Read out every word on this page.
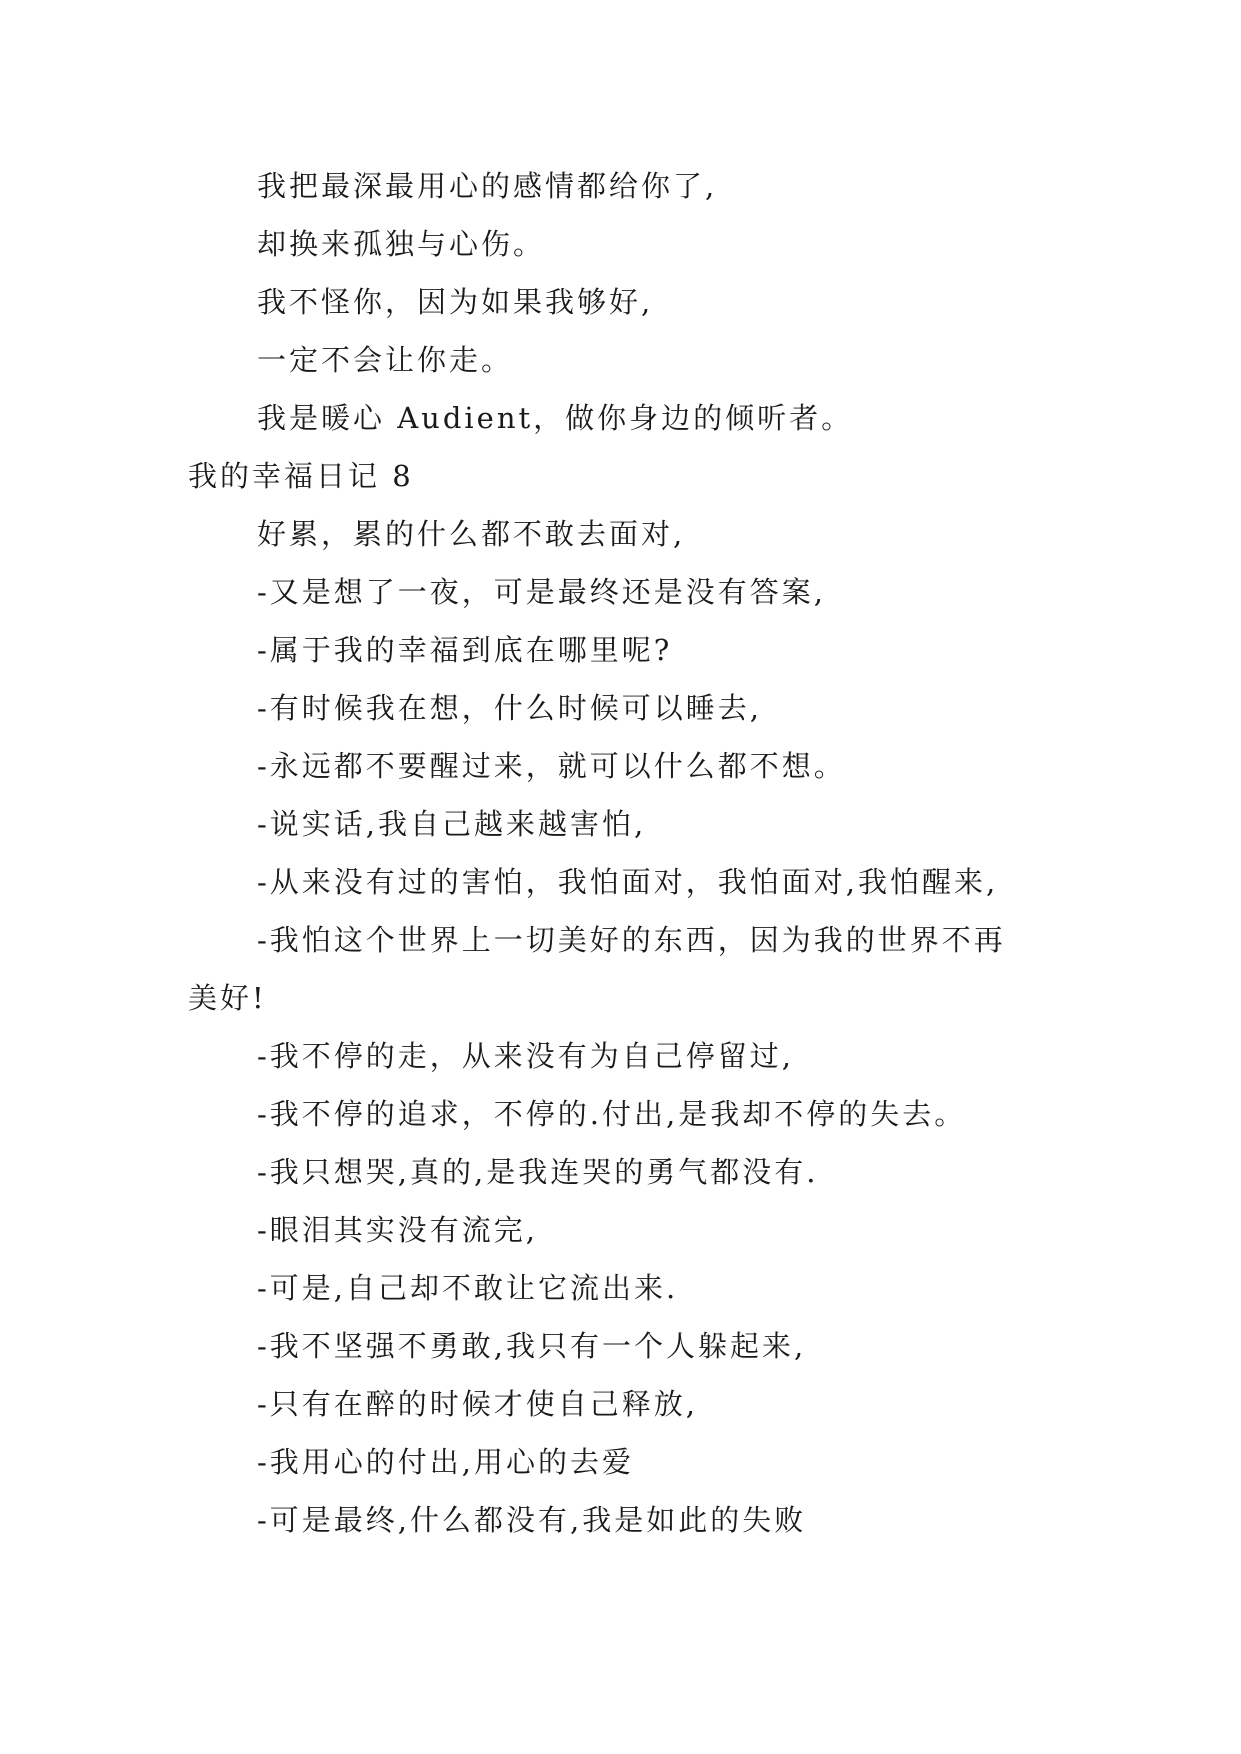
我把最深最用心的感情都给你了,
却换来孤独与心伤。
我不怪你，因为如果我够好,
一定不会让你走。
我是暖心 Audient，做你身边的倾听者。
我的幸福日记 8
好累，累的什么都不敢去面对,
-又是想了一夜，可是最终还是没有答案,
-属于我的幸福到底在哪里呢?
-有时候我在想，什么时候可以睡去,
-永远都不要醒过来，就可以什么都不想。
-说实话,我自己越来越害怕,
-从来没有过的害怕，我怕面对，我怕面对,我怕醒来,
-我怕这个世界上一切美好的东西，因为我的世界不再
美好!
-我不停的走，从来没有为自己停留过,
-我不停的追求，不停的.付出,是我却不停的失去。
-我只想哭,真的,是我连哭的勇气都没有.
-眼泪其实没有流完,
-可是,自己却不敢让它流出来.
-我不坚强不勇敢,我只有一个人躲起来,
-只有在醉的时候才使自己释放,
-我用心的付出,用心的去爱
-可是最终,什么都没有,我是如此的失败
